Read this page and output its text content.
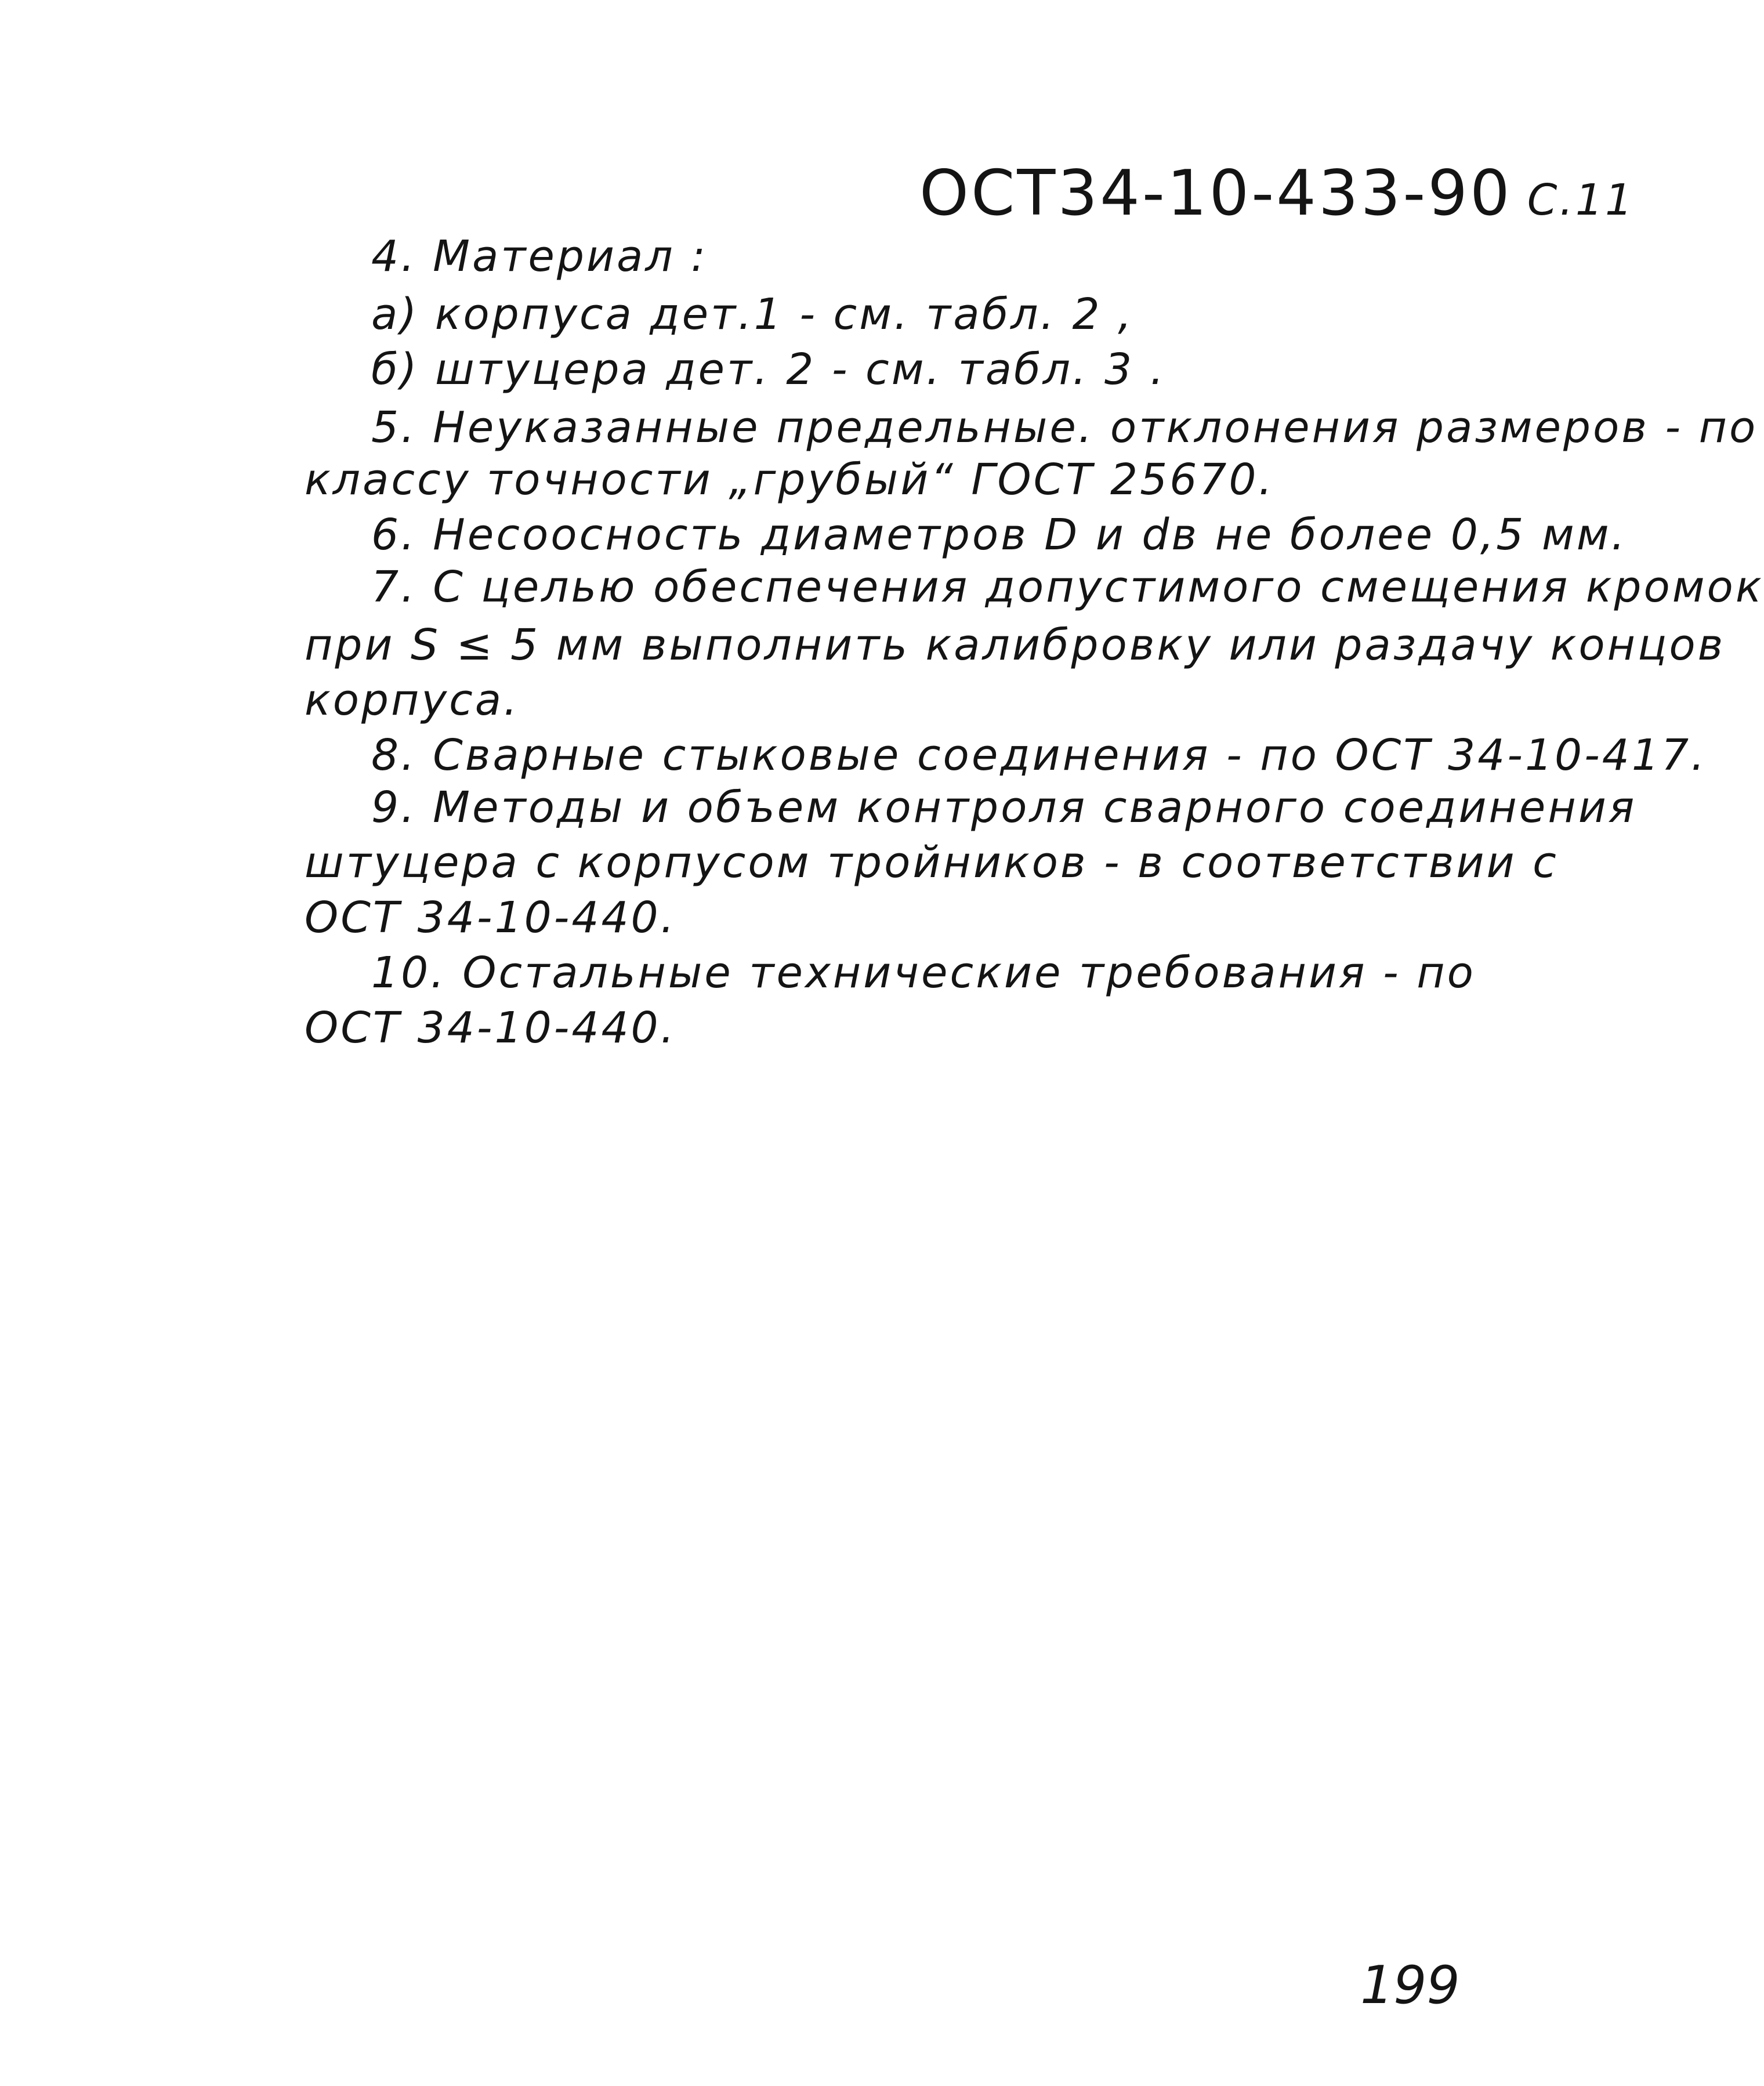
ОСТ34-10-433-90 С.11
4. Материал :
а) корпуса дет.1 - см. табл. 2 ,
б) штуцера дет. 2 - см. табл. 3 .
5. Неуказанные предельные. отклонения размеров - по
классу точности „грубый“ ГОСТ 25670.
6. Несоосность диаметров D и dв не более 0,5 мм.
7. С целью обеспечения допустимого смещения кромок
при S ≤ 5 мм выполнить калибровку или раздачу концов
корпуса.
8. Сварные стыковые соединения - по ОСТ 34-10-417.
9. Методы и объем контроля сварного соединения
штуцера с корпусом тройников - в соответствии с
ОСТ 34-10-440.
10. Остальные технические требования - по
ОСТ 34-10-440.
199
